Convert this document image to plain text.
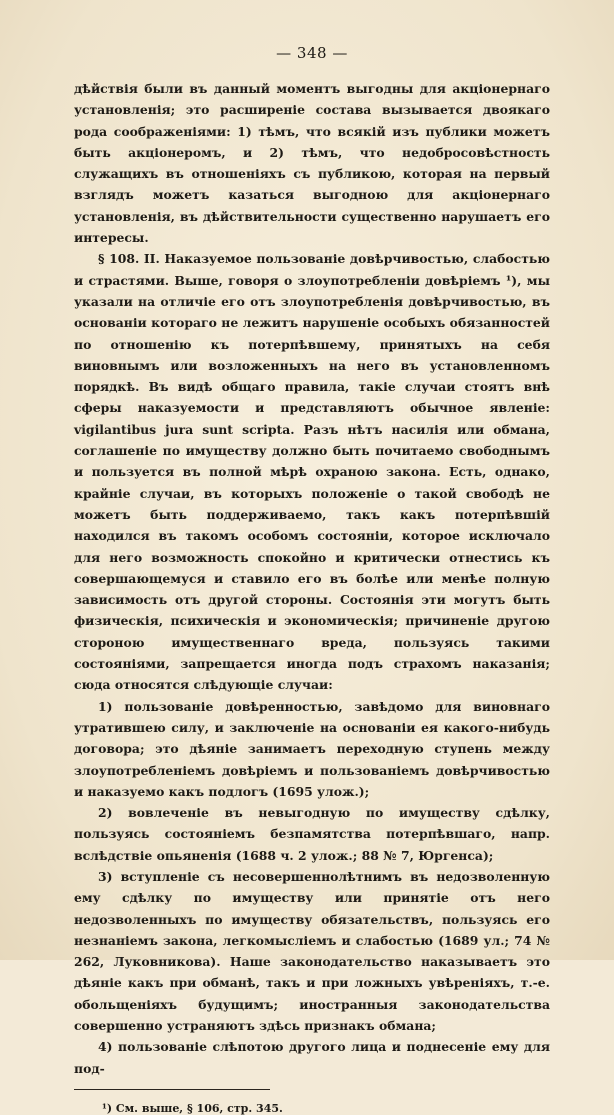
— 348 —

дѣйствія были въ данный моментъ выгодны для акціонернаго установленія; это расширеніе состава вызывается двоякаго рода соображеніями: 1) тѣмъ, что всякій изъ публики можетъ быть акціонеромъ, и 2) тѣмъ, что недобросовѣстность служащихъ въ отношеніяхъ съ публикою, которая на первый взглядъ можетъ казаться выгодною для акціонернаго установленія, въ дѣйствительности существенно нарушаетъ его интересы.

§ 108. II. Наказуемое пользованіе довѣрчивостью, слабостью и страстями. Выше, говоря о злоупотребленіи довѣріемъ ¹), мы указали на отличіе его отъ злоупотребленія довѣрчивостью, въ основаніи котораго не лежитъ нарушеніе особыхъ обязанностей по отношенію къ потерпѣвшему, принятыхъ на себя виновнымъ или возложенныхъ на него въ установленномъ порядкѣ. Въ видѣ общаго правила, такіе случаи стоятъ внѣ сферы наказуемости и представляютъ обычное явленіе: vigilantibus jura sunt scripta. Разъ нѣтъ насилія или обмана, соглашеніе по имуществу должно быть почитаемо свободнымъ и пользуется въ полной мѣрѣ охраною закона. Есть, однако, крайніе случаи, въ которыхъ положеніе о такой свободѣ не можетъ быть поддерживаемо, такъ какъ потерпѣвшій находился въ такомъ особомъ состояніи, которое исключало для него возможность спокойно и критически отнестись къ совершающемуся и ставило его въ болѣе или менѣе полную зависимость отъ другой стороны. Состоянія эти могутъ быть физическія, психическія и экономическія; причиненіе другою стороною имущественнаго вреда, пользуясь такими состояніями, запрещается иногда подъ страхомъ наказанія; сюда относятся слѣдующіе случаи:

1) пользованіе довѣренностью, завѣдомо для виновнаго утратившею силу, и заключеніе на основаніи ея какого-нибудь договора; это дѣяніе занимаетъ переходную ступень между злоупотребленіемъ довѣріемъ и пользованіемъ довѣрчивостью и наказуемо какъ подлогъ (1695 улож.);

2) вовлеченіе въ невыгодную по имуществу сдѣлку, пользуясь состояніемъ безпамятства потерпѣвшаго, напр. вслѣдствіе опьяненія (1688 ч. 2 улож.; 88 № 7, Юргенса);

3) вступленіе съ несовершеннолѣтнимъ въ недозволенную ему сдѣлку по имуществу или принятіе отъ него недозволенныхъ по имуществу обязательствъ, пользуясь его незнаніемъ закона, легкомысліемъ и слабостью (1689 ул.; 74 № 262, Луковникова). Наше законодательство наказываетъ это дѣяніе какъ при обманѣ, такъ и при ложныхъ увѣреніяхъ, т.-е. обольщеніяхъ будущимъ; иностранныя законодательства совершенно устраняютъ здѣсь признакъ обмана;

4) пользованіе слѣпотою другого лица и поднесеніе ему для под-

¹) См. выше, § 106, стр. 345.
